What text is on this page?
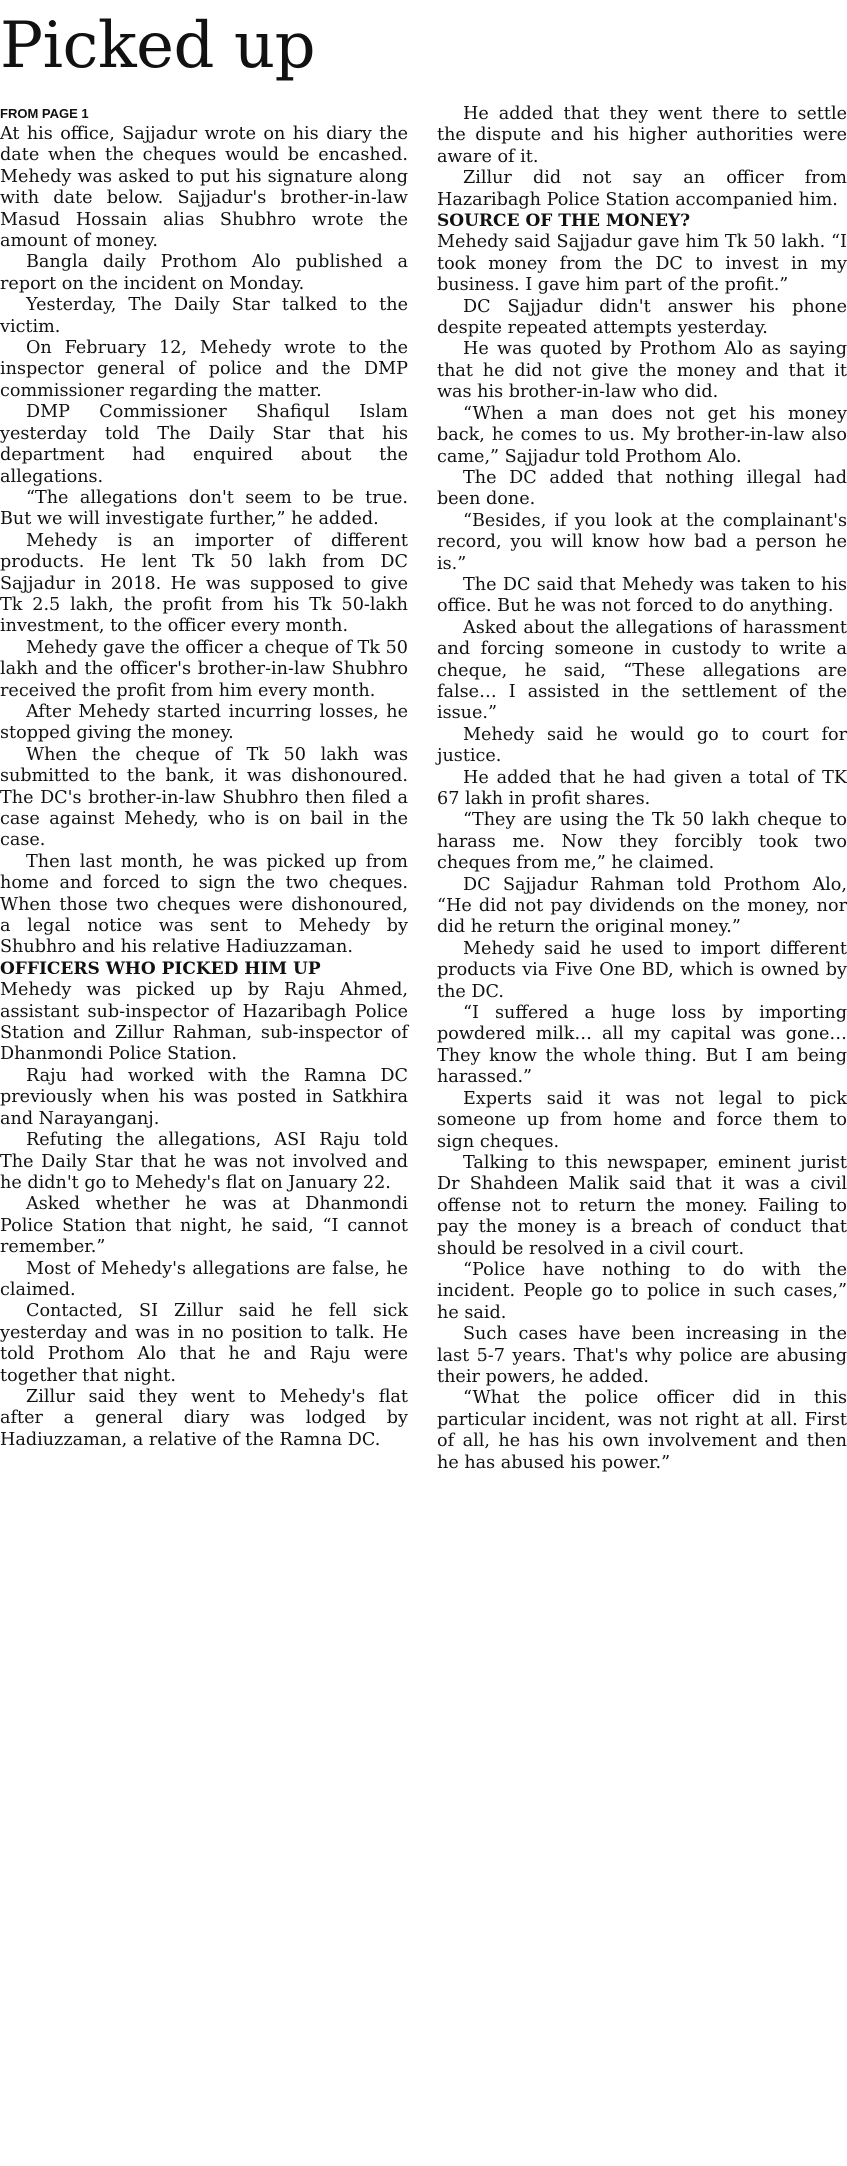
Picked up
FROM PAGE 1

At his office, Sajjadur wrote on his diary the date when the cheques would be encashed. Mehedy was asked to put his signature along with date below. Sajjadur's brother-in-law Masud Hossain alias Shubhro wrote the amount of money.

Bangla daily Prothom Alo published a report on the incident on Monday.

Yesterday, The Daily Star talked to the victim.

On February 12, Mehedy wrote to the inspector general of police and the DMP commissioner regarding the matter.

DMP Commissioner Shafiqul Islam yesterday told The Daily Star that his department had enquired about the allegations.

“The allegations don't seem to be true. But we will investigate further,” he added.

Mehedy is an importer of different products. He lent Tk 50 lakh from DC Sajjadur in 2018. He was supposed to give Tk 2.5 lakh, the profit from his Tk 50-lakh investment, to the officer every month.

Mehedy gave the officer a cheque of Tk 50 lakh and the officer's brother-in-law Shubhro received the profit from him every month.

After Mehedy started incurring losses, he stopped giving the money.

When the cheque of Tk 50 lakh was submitted to the bank, it was dishonoured. The DC's brother-in-law Shubhro then filed a case against Mehedy, who is on bail in the case.

Then last month, he was picked up from home and forced to sign the two cheques. When those two cheques were dishonoured, a legal notice was sent to Mehedy by Shubhro and his relative Hadiuzzaman.

OFFICERS WHO PICKED HIM UP

Mehedy was picked up by Raju Ahmed, assistant sub-inspector of Hazaribagh Police Station and Zillur Rahman, sub-inspector of Dhanmondi Police Station.

Raju had worked with the Ramna DC previously when his was posted in Satkhira and Narayanganj.

Refuting the allegations, ASI Raju told The Daily Star that he was not involved and he didn't go to Mehedy's flat on January 22.

Asked whether he was at Dhanmondi Police Station that night, he said, “I cannot remember.”

Most of Mehedy's allegations are false, he claimed.

Contacted, SI Zillur said he fell sick yesterday and was in no position to talk. He told Prothom Alo that he and Raju were together that night.

Zillur said they went to Mehedy's flat after a general diary was lodged by Hadiuzzaman, a relative of the Ramna DC.

He added that they went there to settle the dispute and his higher authorities were aware of it.

Zillur did not say an officer from Hazaribagh Police Station accompanied him.

SOURCE OF THE MONEY?

Mehedy said Sajjadur gave him Tk 50 lakh. “I took money from the DC to invest in my business. I gave him part of the profit.”

DC Sajjadur didn't answer his phone despite repeated attempts yesterday.

He was quoted by Prothom Alo as saying that he did not give the money and that it was his brother-in-law who did.

“When a man does not get his money back, he comes to us. My brother-in-law also came,” Sajjadur told Prothom Alo.

The DC added that nothing illegal had been done.

“Besides, if you look at the complainant's record, you will know how bad a person he is.”

The DC said that Mehedy was taken to his office. But he was not forced to do anything.

Asked about the allegations of harassment and forcing someone in custody to write a cheque, he said, “These allegations are false… I assisted in the settlement of the issue.”

Mehedy said he would go to court for justice.

He added that he had given a total of TK 67 lakh in profit shares.

“They are using the Tk 50 lakh cheque to harass me. Now they forcibly took two cheques from me,” he claimed.

DC Sajjadur Rahman told Prothom Alo, “He did not pay dividends on the money, nor did he return the original money.”

Mehedy said he used to import different products via Five One BD, which is owned by the DC.

“I suffered a huge loss by importing powdered milk… all my capital was gone… They know the whole thing. But I am being harassed.”

Experts said it was not legal to pick someone up from home and force them to sign cheques.

Talking to this newspaper, eminent jurist Dr Shahdeen Malik said that it was a civil offense not to return the money. Failing to pay the money is a breach of conduct that should be resolved in a civil court.

“Police have nothing to do with the incident. People go to police in such cases,” he said.

Such cases have been increasing in the last 5-7 years. That's why police are abusing their powers, he added.

“What the police officer did in this particular incident, was not right at all. First of all, he has his own involvement and then he has abused his power.”
